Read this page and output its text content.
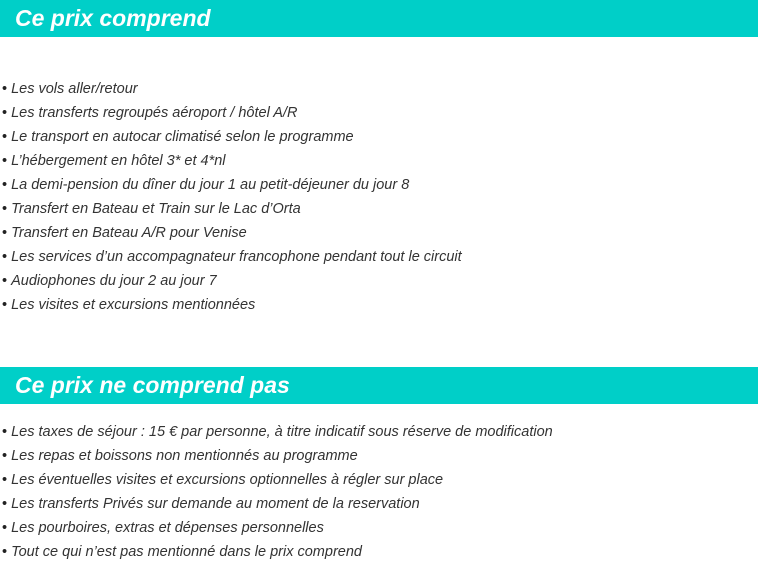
Ce prix comprend
• Les vols aller/retour
• Les transferts regroupés aéroport / hôtel A/R
• Le transport en autocar climatisé selon le programme
• L’hébergement en hôtel 3* et 4*nl
• La demi-pension du dîner du jour 1 au petit-déjeuner du jour 8
• Transfert en Bateau et Train sur le Lac d’Orta
• Transfert en Bateau A/R pour Venise
• Les services d’un accompagnateur francophone pendant tout le circuit
• Audiophones du jour 2 au jour 7
• Les visites et excursions mentionnées
Ce prix ne comprend pas
• Les taxes de séjour : 15 € par personne, à titre indicatif sous réserve de modification
• Les repas et boissons non mentionnés au programme
• Les éventuelles visites et excursions optionnelles à régler sur place
• Les transferts Privés sur demande au moment de la reservation
• Les pourboires, extras et dépenses personnelles
• Tout ce qui n’est pas mentionné dans le prix comprend
